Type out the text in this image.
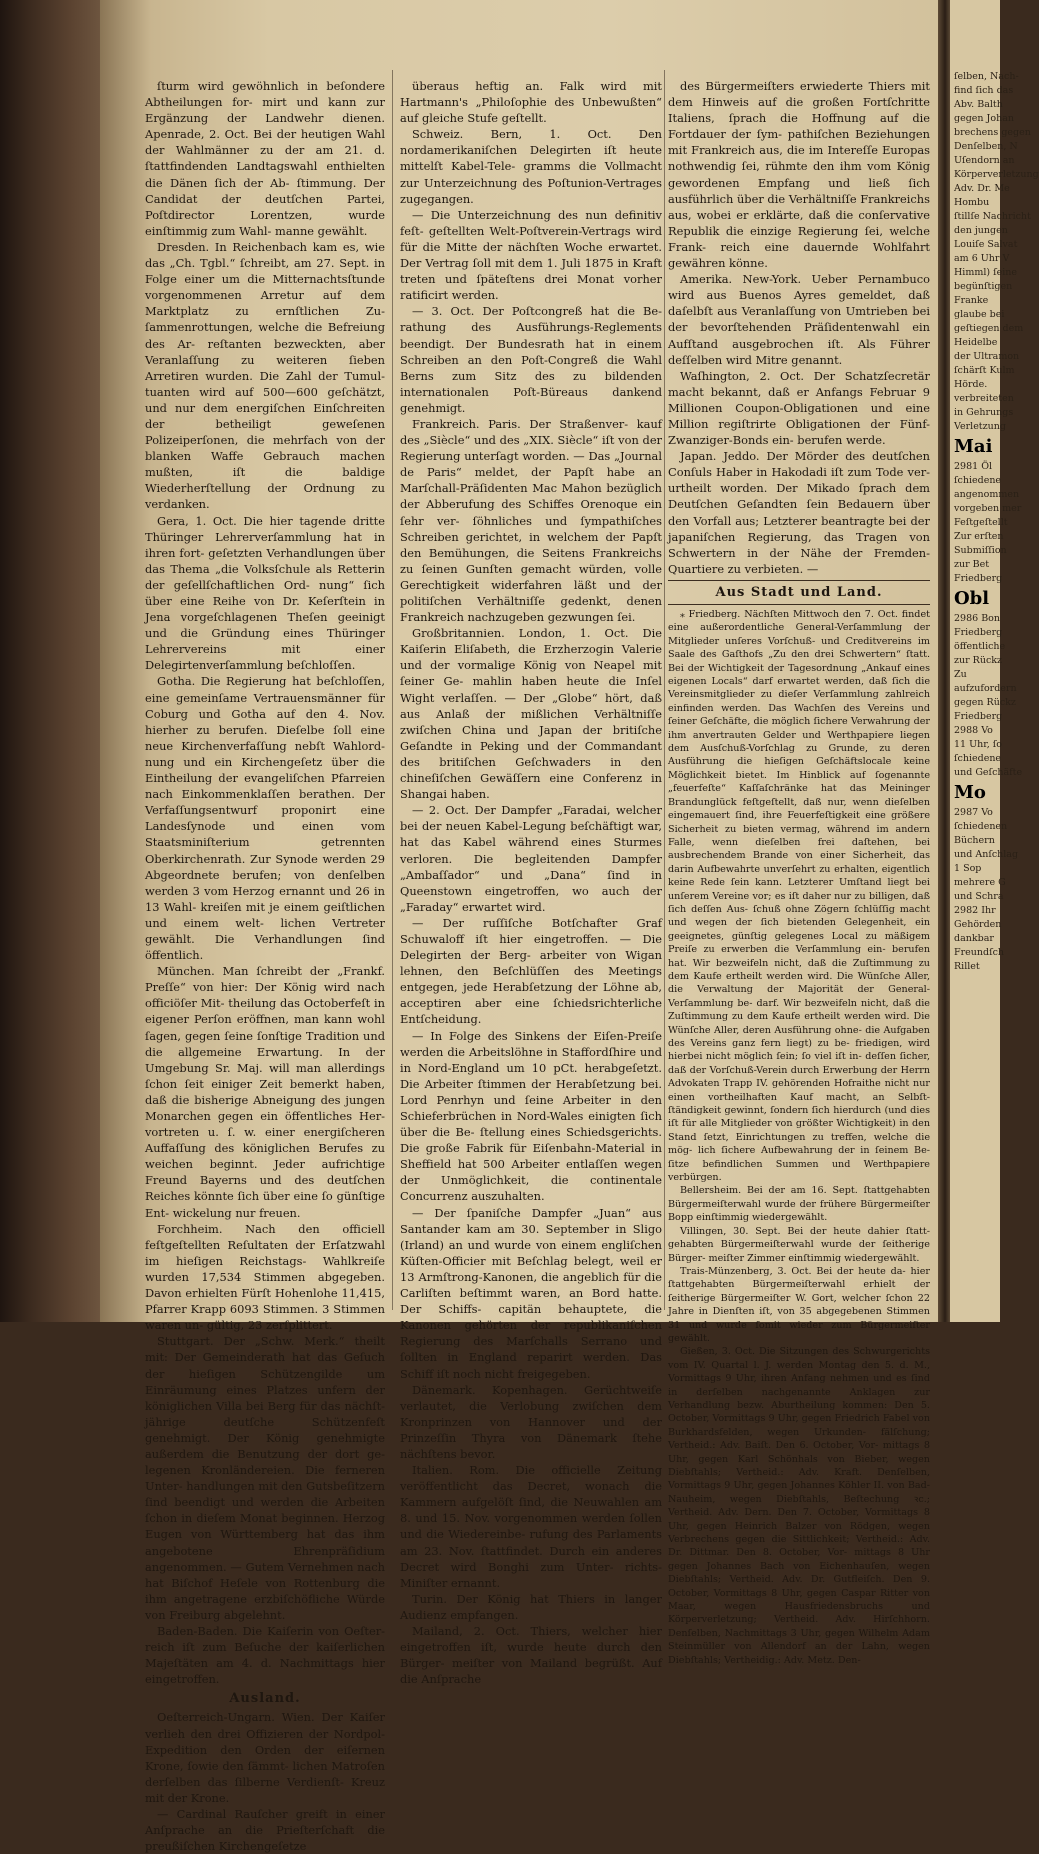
ſturm wird gewöhnlich in beſondere Abtheilungen for- mirt und kann zur Ergänzung der Landwehr dienen. Apenrade, 2. Oct. Bei der heutigen Wahl der Wahlmänner zu der am 21. d. ſtattfindenden Landtagswahl enthielten die Dänen ſich der Ab- ſtimmung. Der Candidat der deutſchen Partei, Poſtdirector Lorentzen, wurde einſtimmig zum Wahl- manne gewählt.

Dresden. In Reichenbach kam es, wie das „Ch. Tgbl.“ ſchreibt, am 27. Sept. in Folge einer um die Mitternachtsſtunde vorgenommenen Arretur auf dem Marktplatz zu ernſtlichen Zu- ſammenrottungen, welche die Befreiung des Ar- reſtanten bezweckten, aber Veranlaſſung zu weiteren ſieben Arretiren wurden. Die Zahl der Tumul- tuanten wird auf 500—600 geſchätzt, und nur dem energiſchen Einſchreiten der betheiligt geweſenen Polizeiperſonen, die mehrfach von der blanken Waffe Gebrauch machen mußten, iſt die baldige Wiederherſtellung der Ordnung zu verdanken.

Gera, 1. Oct. Die hier tagende dritte Thüringer Lehrerverſammlung hat in ihren fort- geſetzten Verhandlungen über das Thema „die Volksſchule als Retterin der geſellſchaftlichen Ord- nung“ ſich über eine Reihe von Dr. Keſerſtein in Jena vorgeſchlagenen Theſen geeinigt und die Gründung eines Thüringer Lehrervereins mit einer Delegirtenverſammlung beſchloſſen.

Gotha. Die Regierung hat beſchloſſen, eine gemeinſame Vertrauensmänner für Coburg und Gotha auf den 4. Nov. hierher zu berufen. Dieſelbe ſoll eine neue Kirchenverfaſſung nebſt Wahlord- nung und ein Kirchengeſetz über die Eintheilung der evangeliſchen Pfarreien nach Einkommenklaſſen berathen. Der Verfaſſungsentwurf proponirt eine Landesſynode und einen vom Staatsminiſterium getrennten Oberkirchenrath. Zur Synode werden 29 Abgeordnete berufen; von denſelben werden 3 vom Herzog ernannt und 26 in 13 Wahl- kreiſen mit je einem geiſtlichen und einem welt- lichen Vertreter gewählt. Die Verhandlungen ſind öffentlich.

München. Man ſchreibt der „Frankf. Preſſe“ von hier: Der König wird nach officiöſer Mit- theilung das Octoberfeſt in eigener Perſon eröffnen, man kann wohl ſagen, gegen ſeine ſonſtige Tradition und die allgemeine Erwartung. In der Umgebung Sr. Maj. will man allerdings ſchon ſeit einiger Zeit bemerkt haben, daß die bisherige Abneigung des jungen Monarchen gegen ein öffentliches Her- vortreten u. ſ. w. einer energiſcheren Auffaſſung des königlichen Berufes zu weichen beginnt. Jeder aufrichtige Freund Bayerns und des deutſchen Reiches könnte ſich über eine ſo günſtige Ent- wickelung nur freuen.

Forchheim. Nach den officiell feſtgeſtellten Reſultaten der Erſatzwahl im hieſigen Reichstags- Wahlkreiſe wurden 17,534 Stimmen abgegeben. Davon erhielten Fürſt Hohenlohe 11,415, Pfarrer Krapp 6093 Stimmen. 3 Stimmen waren un- gültig, 23 zerſplittert.

Stuttgart. Der „Schw. Merk.“ theilt mit: Der Gemeinderath hat das Geſuch der hieſigen Schützengilde um Einräumung eines Platzes unfern der königlichen Villa bei Berg für das nächſt- jährige deutſche Schützenfeſt genehmigt. Der König genehmigte außerdem die Benutzung der dort ge- legenen Kronländereien. Die ferneren Unter- handlungen mit den Gutsbeſitzern ſind beendigt und werden die Arbeiten ſchon in dieſem Monat beginnen. Herzog Eugen von Württemberg hat das ihm angebotene Ehrenpräſidium angenommen. — Gutem Vernehmen nach hat Biſchof Heſele von Rottenburg die ihm angetragene erzbiſchöfliche Würde von Freiburg abgelehnt.

Baden-Baden. Die Kaiſerin von Oeſter- reich iſt zum Beſuche der kaiſerlichen Majeſtäten am 4. d. Nachmittags hier eingetroffen.

Ausland.

Oeſterreich-Ungarn. Wien. Der Kaiſer verlieh den drei Offizieren der Nordpol-Expedition den Orden der eiſernen Krone, ſowie den ſämmt- lichen Matroſen derſelben das ſilberne Verdienſt- Kreuz mit der Krone.

— Cardinal Rauſcher greift in einer Anſprache an die Prieſterſchaft die preußiſchen Kirchengeſetze

überaus heftig an. Falk wird mit Hartmann's „Philoſophie des Unbewußten“ auf gleiche Stufe geſtellt.

Schweiz. Bern, 1. Oct. Den nordamerikaniſchen Delegirten iſt heute mittelſt Kabel-Tele- gramms die Vollmacht zur Unterzeichnung des Poſtunion-Vertrages zugegangen.

— Die Unterzeichnung des nun definitiv feſt- geſtellten Welt-Poſtverein-Vertrags wird für die Mitte der nächſten Woche erwartet. Der Vertrag ſoll mit dem 1. Juli 1875 in Kraft treten und ſpäteſtens drei Monat vorher ratificirt werden.

— 3. Oct. Der Poſtcongreß hat die Be- rathung des Ausführungs-Reglements beendigt. Der Bundesrath hat in einem Schreiben an den Poſt-Congreß die Wahl Berns zum Sitz des zu bildenden internationalen Poſt-Büreaus dankend genehmigt.

Frankreich. Paris. Der Straßenver- kauf des „Siècle“ und des „XIX. Siècle“ iſt von der Regierung unterſagt worden. — Das „Journal de Paris“ meldet, der Papſt habe an Marſchall-Präſidenten Mac Mahon bezüglich der Abberufung des Schiffes Orenoque ein ſehr ver- ſöhnliches und ſympathiſches Schreiben gerichtet, in welchem der Papſt den Bemühungen, die Seitens Frankreichs zu ſeinen Gunſten gemacht würden, volle Gerechtigkeit widerfahren läßt und der politiſchen Verhältniſſe gedenkt, denen Frankreich nachzugeben gezwungen ſei.

Großbritannien. London, 1. Oct. Die Kaiſerin Eliſabeth, die Erzherzogin Valerie und der vormalige König von Neapel mit ſeiner Ge- mahlin haben heute die Inſel Wight verlaſſen. — Der „Globe“ hört, daß aus Anlaß der mißlichen Verhältniſſe zwiſchen China und Japan der britiſche Geſandte in Peking und der Commandant des britiſchen Geſchwaders in den chineſiſchen Gewäſſern eine Conferenz in Shangai haben.

— 2. Oct. Der Dampfer „Faradai, welcher bei der neuen Kabel-Legung beſchäftigt war, hat das Kabel während eines Sturmes verloren. Die begleitenden Dampfer „Ambaſſador“ und „Dana“ ſind in Queenstown eingetroffen, wo auch der „Faraday“ erwartet wird.

— Der ruſſiſche Botſchafter Graf Schuwaloff iſt hier eingetroffen. — Die Delegirten der Berg- arbeiter von Wigan lehnen, den Beſchlüſſen des Meetings entgegen, jede Herabſetzung der Löhne ab, acceptiren aber eine ſchiedsrichterliche Entſcheidung.

— In Folge des Sinkens der Eiſen-Preiſe werden die Arbeitslöhne in Staffordſhire und in Nord-England um 10 pCt. herabgeſetzt. Die Arbeiter ſtimmen der Herabſetzung bei. Lord Penrhyn und ſeine Arbeiter in den Schieferbrüchen in Nord-Wales einigten ſich über die Be- ſtellung eines Schiedsgerichts. Die große Fabrik für Eiſenbahn-Material in Sheffield hat 500 Arbeiter entlaſſen wegen der Unmöglichkeit, die continentale Concurrenz auszuhalten.

— Der ſpaniſche Dampfer „Juan“ aus Santander kam am 30. September in Sligo (Irland) an und wurde von einem engliſchen Küſten-Officier mit Beſchlag belegt, weil er 13 Armſtrong-Kanonen, die angeblich für die Carliſten beſtimmt waren, an Bord hatte. Der Schiffs- capitän behauptete, die Kanonen gehörten der republikaniſchen Regierung des Marſchalls Serrano und ſollten in England reparirt werden. Das Schiff iſt noch nicht freigegeben.

Dänemark. Kopenhagen. Gerüchtweiſe verlautet, die Verlobung zwiſchen dem Kronprinzen von Hannover und der Prinzeſſin Thyra von Dänemark ſtehe nächſtens bevor.

Italien. Rom. Die officielle Zeitung veröffentlicht das Decret, wonach die Kammern aufgelöſt ſind, die Neuwahlen am 8. und 15. Nov. vorgenommen werden ſollen und die Wiedereinbe- rufung des Parlaments am 23. Nov. ſtattfindet. Durch ein anderes Decret wird Bonghi zum Unter- richts-Miniſter ernannt.

Turin. Der König hat Thiers in langer Audienz empfangen.

Mailand, 2. Oct. Thiers, welcher hier eingetroffen iſt, wurde heute durch den Bürger- meiſter von Mailand begrüßt. Auf die Anſprache

des Bürgermeiſters erwiederte Thiers mit dem Hinweis auf die großen Fortſchritte Italiens, ſprach die Hoffnung auf die Fortdauer der ſym- pathiſchen Beziehungen mit Frankreich aus, die im Intereſſe Europas nothwendig ſei, rühmte den ihm vom König gewordenen Empfang und ließ ſich ausführlich über die Verhältniſſe Frankreichs aus, wobei er erklärte, daß die conſervative Republik die einzige Regierung ſei, welche Frank- reich eine dauernde Wohlfahrt gewähren könne.

Amerika. New-York. Ueber Pernambuco wird aus Buenos Ayres gemeldet, daß daſelbſt aus Veranlaſſung von Umtrieben bei der bevorſtehenden Präſidentenwahl ein Aufſtand ausgebrochen iſt. Als Führer deſſelben wird Mitre genannt.

Waſhington, 2. Oct. Der Schatzſecretär macht bekannt, daß er Anfangs Februar 9 Millionen Coupon-Obligationen und eine Million regiſtrirte Obligationen der Fünf-Zwanziger-Bonds ein- berufen werde.

Japan. Jeddo. Der Mörder des deutſchen Conſuls Haber in Hakodadi iſt zum Tode ver- urtheilt worden. Der Mikado ſprach dem Deutſchen Geſandten ſein Bedauern über den Vorfall aus; Letzterer beantragte bei der japaniſchen Regierung, das Tragen von Schwertern in der Nähe der Fremden-Quartiere zu verbieten. —

Aus Stadt und Land.

⁎ Friedberg. Nächſten Mittwoch den 7. Oct. findet eine außerordentliche General-Verſammlung der Mitglieder unſeres Vorſchuß- und Creditvereins im Saale des Gaſthofs „Zu den drei Schwertern“ ſtatt. Bei der Wichtigkeit der Tagesordnung „Ankauf eines eigenen Locals“ darf erwartet werden, daß ſich die Vereinsmitglieder zu dieſer Verſammlung zahlreich einfinden werden. Das Wachſen des Vereins und ſeiner Geſchäfte, die möglich ſichere Verwahrung der ihm anvertrauten Gelder und Werthpapiere liegen dem Ausſchuß-Vorſchlag zu Grunde, zu deren Ausführung die hieſigen Geſchäftslocale keine Möglichkeit bietet. Im Hinblick auf ſogenannte „feuerfeſte“ Kaſſaſchränke hat das Meininger Brandunglück feſtgeſtellt, daß nur, wenn dieſelben eingemauert ſind, ihre Feuerfeſtigkeit eine größere Sicherheit zu bieten vermag, während im andern Falle, wenn dieſelben frei daſtehen, bei ausbrechendem Brande von einer Sicherheit, das darin Aufbewahrte unverſehrt zu erhalten, eigentlich keine Rede ſein kann. Letzterer Umſtand liegt bei unſerem Vereine vor; es iſt daher nur zu billigen, daß ſich deſſen Aus- ſchuß ohne Zögern ſchlüſſig macht und wegen der ſich bietenden Gelegenheit, ein geeignetes, günſtig gelegenes Local zu mäßigem Preiſe zu erwerben die Verſammlung ein- berufen hat. Wir bezweifeln nicht, daß die Zuſtimmung zu dem Kaufe ertheilt werden wird. Die Wünſche Aller, die Verwaltung der Majorität der General-Verſammlung be- darf. Wir bezweifeln nicht, daß die Zuſtimmung zu dem Kaufe ertheilt werden wird. Die Wünſche Aller, deren Ausführung ohne- die Aufgaben des Vereins ganz fern liegt) zu be- friedigen, wird hierbei nicht möglich ſein; ſo viel iſt in- deſſen ſicher, daß der Vorſchuß-Verein durch Erwerbung der Herrn Advokaten Trapp IV. gehörenden Hofraithe nicht nur einen vortheilhaften Kauf macht, an Selbſt- ſtändigkeit gewinnt, ſondern ſich hierdurch (und dies iſt für alle Mitglieder von größter Wichtigkeit) in den Stand ſetzt, Einrichtungen zu treffen, welche die mög- lich ſichere Aufbewahrung der in ſeinem Be- ſitze befindlichen Summen und Werthpapiere verbürgen.

Bellersheim. Bei der am 16. Sept. ſtattgehabten Bürgermeiſterwahl wurde der frühere Bürgermeiſter Bopp einſtimmig wiedergewählt.

Villingen, 30. Sept. Bei der heute dahier ſtatt- gehabten Bürgermeiſterwahl wurde der ſeitherige Bürger- meiſter Zimmer einſtimmig wiedergewählt.

Trais-Münzenberg, 3. Oct. Bei der heute da- hier ſtattgehabten Bürgermeiſterwahl erhielt der ſeitherige Bürgermeiſter W. Gort, welcher ſchon 22 Jahre in Dienſten iſt, von 35 abgegebenen Stimmen 31 und wurde ſomit wieder zum Bürgermeiſter gewählt.

Gießen, 3. Oct. Die Sitzungen des Schwurgerichts vom IV. Quartal l. J. werden Montag den 5. d. M., Vormittags 9 Uhr, ihren Anfang nehmen und es ſind in derſelben nachgenannte Anklagen zur Verhandlung bezw. Aburtheilung kommen: Den 5. October, Vormittags 9 Uhr, gegen Friedrich Fabel von Burkhardsfelden, wegen Urkunden- fälſchung; Vertheid.: Adv. Baiſt. Den 6. October, Vor- mittags 8 Uhr, gegen Karl Schönhals von Bieber, wegen Diebſtahls; Vertheid.: Adv. Kraft. Denſelben, Vormittags 9 Uhr, gegen Johannes Köhler II. von Bad-Nauheim, wegen Diebſtahls, Beſtechung ꝛc.; Vertheid. Adv. Dern. Den 7. October, Vormittags 8 Uhr, gegen Heinrich Balzer von Rödgen, wegen Verbrechens gegen die Sittlichkeit; Vertheid.: Adv. Dr. Dittmar. Den 8. October, Vor- mittags 8 Uhr gegen Johannes Bach von Eichenhauſen, wegen Diebſtahls; Vertheid. Adv. Dr. Gutfleiſch. Den 9. October, Vormittags 8 Uhr, gegen Caspar Ritter von Maar, wegen Hausfriedensbruchs und Körperverletzung; Vertheid. Adv. Hirſchhorn. Denſelben, Nachmittags 3 Uhr, gegen Wilhelm Adam Steinmüller von Allendorf an der Lahn, wegen Diebſtahls; Vertheidig.: Adv. Metz. Den-

ſelben, Nach-
find ſich das
Abv. Balth
gegen Johan
brechens gegen
Denſelben, N
Uſendorn an
Körperverletzung
Adv. Dr. Me
Hombu
ſtillſe Nachricht
den jungen
Louiſe Salvat
am 6 Uhr V
Himml) ſeine
begünſtigen
Franke
glaube bei
geſtiegen dem
Heidelbe
der Ultramon
ſchärſt Kulm
Hörde.
verbreiteten
in Gehrungs
Verletzung
Mai
2981 Öl
ſchiedene
angenommen
vorgeben mer
Feſtgeſtellt
Zur erſten
Submiſſion
zur Bet
Friedberg
Obl
2986 Bon
Friedberg
öffentliche
zur Rückz
Zu
aufzufordern
gegen Rückz
Friedberg
2988 Vo
11 Uhr, ſo
ſchiedene
und Geſchäfte
Mo
2987 Vo
ſchiedenen
Büchern
und Anſchlag
1 Sop
mehrere G
und Schra
2982 Ihr
Gehörden
dankbar
Freundſch
Rillet
